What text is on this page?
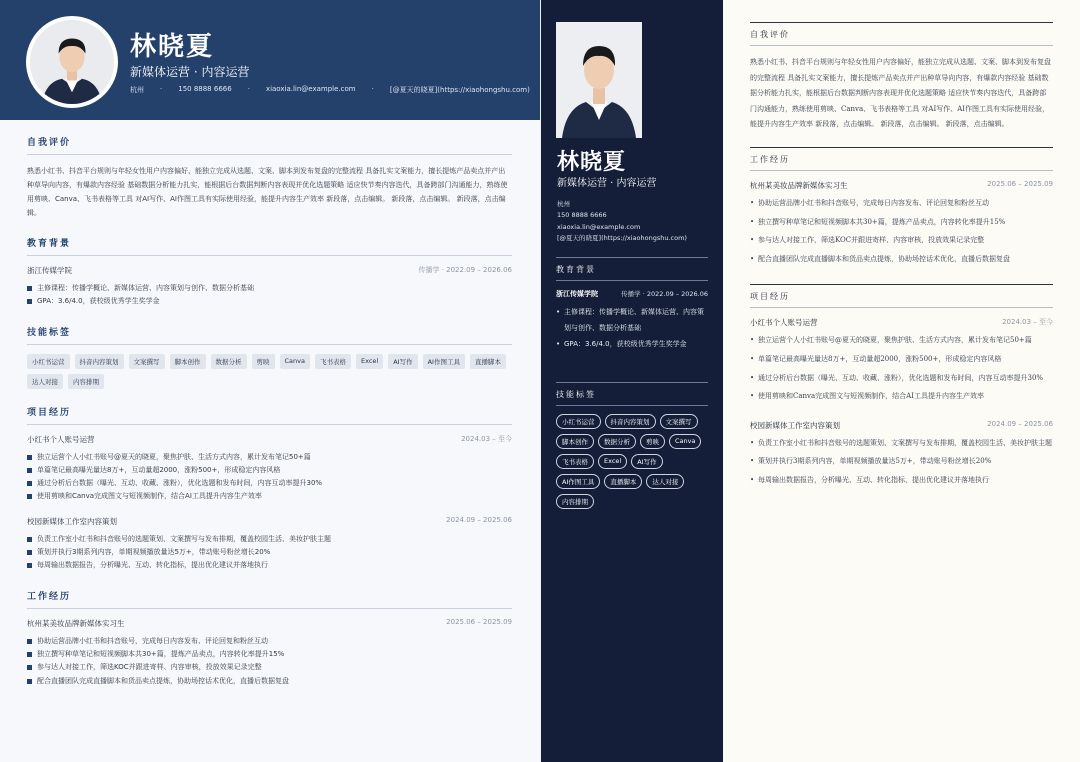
林晓夏
新媒体运营 · 内容运营
杭州 · 150 8888 6666 · xiaoxia.lin@example.com · [@夏天的晓夏](https://xiaohongshu.com)
自我评价
熟悉小红书、抖音平台规则与年轻女性用户内容偏好，能独立完成从选题、文案、脚本到发布复盘的完整流程 具备扎实文案能力，擅长提炼产品卖点并产出种草导向内容，有爆款内容经验 基础数据分析能力扎实，能根据后台数据判断内容表现并优化选题策略 适应快节奏内容迭代，具备跨部门沟通能力，熟练使用剪映、Canva、飞书表格等工具 对AI写作、AI作图工具有实际使用经验，能提升内容生产效率 新段落，点击编辑。 新段落，点击编辑。 新段落，点击编辑。
教育背景
浙江传媒学院	传播学 · 2022.09 – 2026.06
主修课程：传播学概论、新媒体运营、内容策划与创作、数据分析基础
GPA：3.6/4.0，获校级优秀学生奖学金
技能标签
小红书运营	抖音内容策划	文案撰写	脚本创作	数据分析	剪映	Canva	飞书表格	Excel	AI写作	AI作图工具	直播脚本
达人对接	内容排期
项目经历
小红书个人账号运营	2024.03 – 至今
独立运营个人小红书账号@夏天的晓夏，聚焦护肤、生活方式内容，累计发布笔记50+篇
单篇笔记最高曝光量达8万+，互动量超2000，涨粉500+，形成稳定内容风格
通过分析后台数据（曝光、互动、收藏、涨粉），优化选题和发布时间，内容互动率提升30%
使用剪映和Canva完成图文与短视频制作，结合AI工具提升内容生产效率
校园新媒体工作室内容策划	2024.09 – 2025.06
负责工作室小红书和抖音账号的选题策划、文案撰写与发布排期，覆盖校园生活、美妆护肤主题
策划并执行3期系列内容，单期视频播放量达5万+，带动账号粉丝增长20%
每周输出数据报告，分析曝光、互动、转化指标，提出优化建议并落地执行
工作经历
杭州某美妆品牌新媒体实习生	2025.06 – 2025.09
协助运营品牌小红书和抖音账号，完成每日内容发布、评论回复和粉丝互动
独立撰写种草笔记和短视频脚本共30+篇，提炼产品卖点，内容转化率提升15%
参与达人对接工作，筛选KOC并跟进寄样、内容审核，投放效果记录完整
配合直播团队完成直播脚本和货品卖点提炼，协助场控话术优化，直播后数据复盘
林晓夏
新媒体运营 · 内容运营
杭州
150 8888 6666
xiaoxia.lin@example.com
[@夏天的晓夏](https://xiaohongshu.com)
教育背景
浙江传媒学院	传播学 · 2022.09 – 2026.06
• 主修课程：传播学概论、新媒体运营、内容策划与创作、数据分析基础
• GPA：3.6/4.0，获校级优秀学生奖学金
技能标签
小红书运营	抖音内容策划	文案撰写
脚本创作	数据分析	剪映	Canva
飞书表格	Excel	AI写作
AI作图工具	直播脚本	达人对接
内容排期
自我评价
熟悉小红书、抖音平台规则与年轻女性用户内容偏好，能独立完成从选题、文案、脚本到发布复盘的完整流程 具备扎实文案能力，擅长提炼产品卖点并产出种草导向内容，有爆款内容经验 基础数据分析能力扎实，能根据后台数据判断内容表现并优化选题策略 适应快节奏内容迭代，具备跨部门沟通能力，熟练使用剪映、Canva、飞书表格等工具 对AI写作、AI作图工具有实际使用经验，能提升内容生产效率 新段落，点击编辑。 新段落，点击编辑。 新段落，点击编辑。
工作经历
杭州某美妆品牌新媒体实习生	2025.06 – 2025.09
• 协助运营品牌小红书和抖音账号，完成每日内容发布、评论回复和粉丝互动
• 独立撰写种草笔记和短视频脚本共30+篇，提炼产品卖点，内容转化率提升15%
• 参与达人对接工作，筛选KOC并跟进寄样、内容审核，投放效果记录完整
• 配合直播团队完成直播脚本和货品卖点提炼，协助场控话术优化，直播后数据复盘
项目经历
小红书个人账号运营	2024.03 – 至今
• 独立运营个人小红书账号@夏天的晓夏，聚焦护肤、生活方式内容，累计发布笔记50+篇
• 单篇笔记最高曝光量达8万+，互动量超2000，涨粉500+，形成稳定内容风格
• 通过分析后台数据（曝光、互动、收藏、涨粉），优化选题和发布时间，内容互动率提升30%
• 使用剪映和Canva完成图文与短视频制作，结合AI工具提升内容生产效率
校园新媒体工作室内容策划	2024.09 – 2025.06
• 负责工作室小红书和抖音账号的选题策划、文案撰写与发布排期，覆盖校园生活、美妆护肤主题
• 策划并执行3期系列内容，单期视频播放量达5万+，带动账号粉丝增长20%
• 每周输出数据报告，分析曝光、互动、转化指标，提出优化建议并落地执行
